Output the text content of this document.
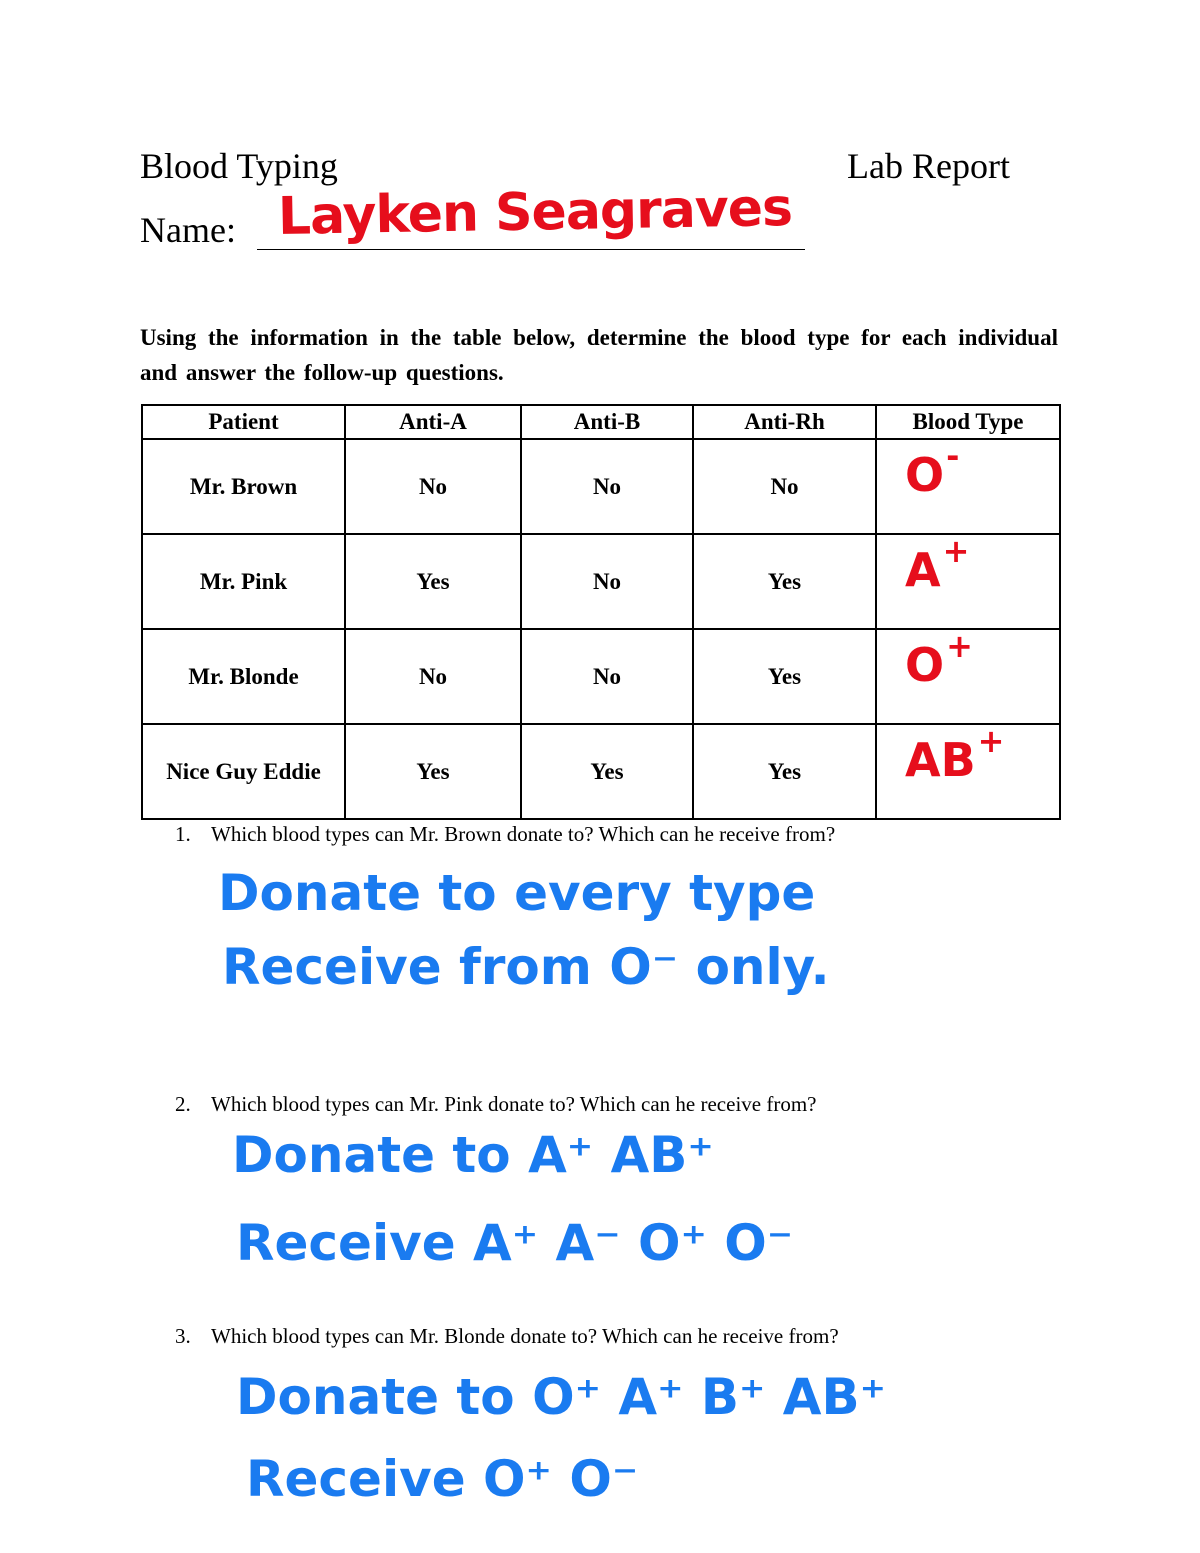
Blood Typing	Lab Report
Name: Layken Seagraves
Using the information in the table below, determine the blood type for each individual and answer the follow-up questions.
Patient	Anti-A	Anti-B	Anti-Rh	Blood Type
Mr. Brown	No	No	No	O-

Mr. Pink	Yes	No	Yes	A+

Mr. Blonde	No	No	Yes	O+

Nice Guy Eddie	Yes	Yes	Yes	AB+
1. Which blood types can Mr. Brown donate to? Which can he receive from?
Donate to every type
Receive from O⁻ only.
2. Which blood types can Mr. Pink donate to? Which can he receive from?
Donate to A⁺ AB⁺
Receive A⁺ A⁻ O⁺ O⁻
3. Which blood types can Mr. Blonde donate to? Which can he receive from?
Donate to O⁺ A⁺ B⁺ AB⁺
Receive O⁺ O⁻
